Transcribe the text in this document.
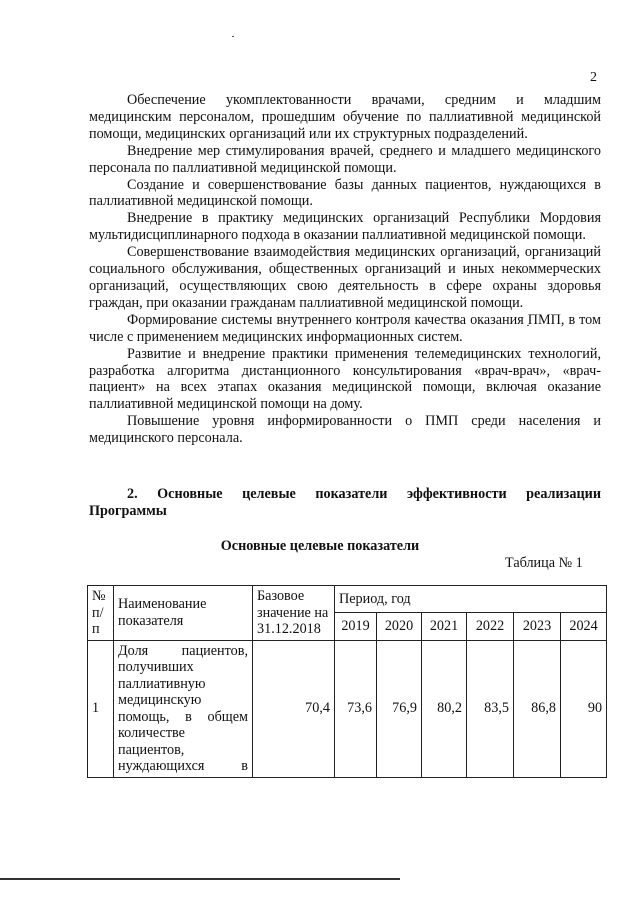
2

Обеспечение укомплектованности врачами, средним и младшим медицинским персоналом, прошедшим обучение по паллиативной медицинской помощи, медицинских организаций или их структурных подразделений.

Внедрение мер стимулирования врачей, среднего и младшего медицинского персонала по паллиативной медицинской помощи.

Создание и совершенствование базы данных пациентов, нуждающихся в паллиативной медицинской помощи.

Внедрение в практику медицинских организаций Республики Мордовия мультидисциплинарного подхода в оказании паллиативной медицинской помощи.

Совершенствование взаимодействия медицинских организаций, организаций социального обслуживания, общественных организаций и иных некоммерческих организаций, осуществляющих свою деятельность в сфере охраны здоровья граждан, при оказании гражданам паллиативной медицинской помощи.

Формирование системы внутреннего контроля качества оказания ПМП, в том числе с применением медицинских информационных систем.

Развитие и внедрение практики применения телемедицинских технологий, разработка алгоритма дистанционного консультирования «врач-врач», «врач-пациент» на всех этапах оказания медицинской помощи, включая оказание паллиативной медицинской помощи на дому.

Повышение уровня информированности о ПМП среди населения и медицинского персонала.

2. Основные целевые показатели эффективности реализации Программы

Основные целевые показатели

Таблица № 1

№ п/п	Наименование показателя	Базовое значение на 31.12.2018	Период, год					
			2019	2020	2021	2022	2023	2024
1	Доля пациентов, получивших паллиативную медицинскую помощь, в общем количестве пациентов, нуждающихся в	70,4	73,6	76,9	80,2	83,5	86,8	90
